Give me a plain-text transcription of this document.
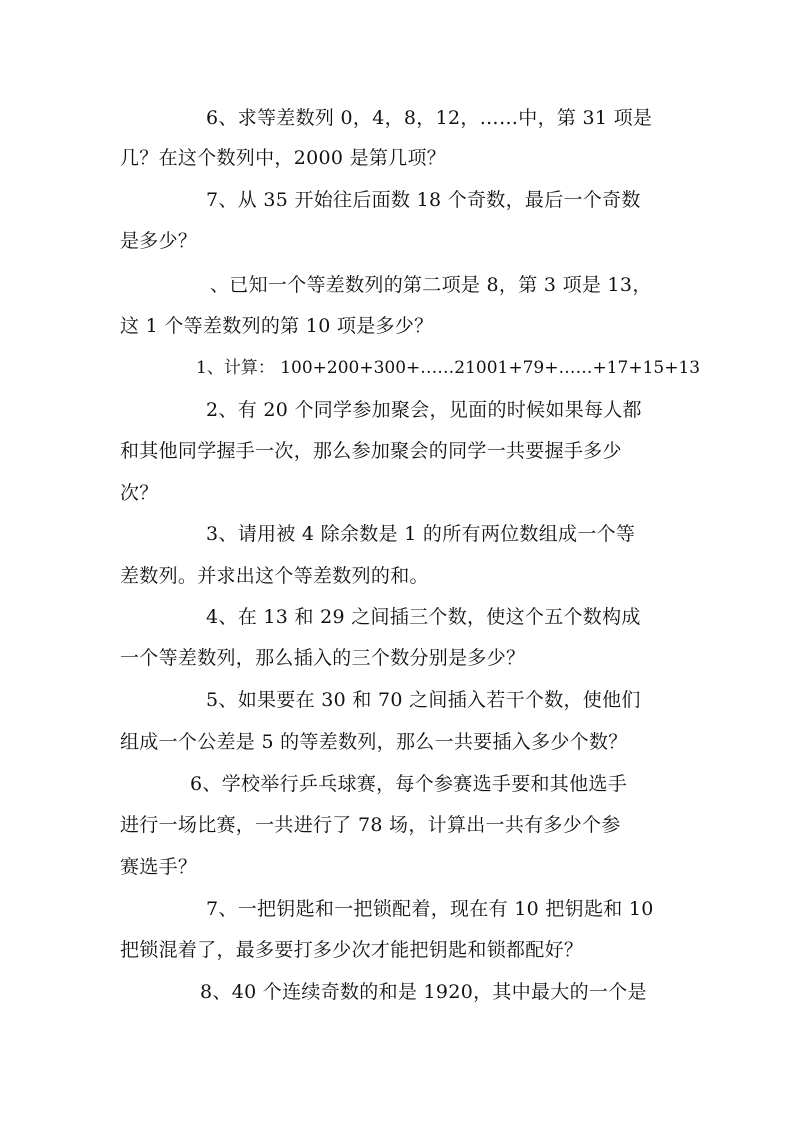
6、求等差数列 0，4，8，12，……中，第 31 项是
几？在这个数列中，2000 是第几项？
7、从 35 开始往后面数 18 个奇数，最后一个奇数
是多少？
、已知一个等差数列的第二项是 8，第 3 项是 13，
这 1 个等差数列的第 10 项是多少？
1、计算： 100+200+300+……21001+79+……+17+15+13
2、有 20 个同学参加聚会，见面的时候如果每人都
和其他同学握手一次，那么参加聚会的同学一共要握手多少
次？
3、请用被 4 除余数是 1 的所有两位数组成一个等
差数列。并求出这个等差数列的和。
4、在 13 和 29 之间插三个数，使这个五个数构成
一个等差数列，那么插入的三个数分别是多少？
5、如果要在 30 和 70 之间插入若干个数，使他们
组成一个公差是 5 的等差数列，那么一共要插入多少个数？
6、学校举行乒乓球赛，每个参赛选手要和其他选手
进行一场比赛，一共进行了 78 场，计算出一共有多少个参
赛选手？
7、一把钥匙和一把锁配着，现在有 10 把钥匙和 10
把锁混着了，最多要打多少次才能把钥匙和锁都配好？
8、40 个连续奇数的和是 1920，其中最大的一个是
